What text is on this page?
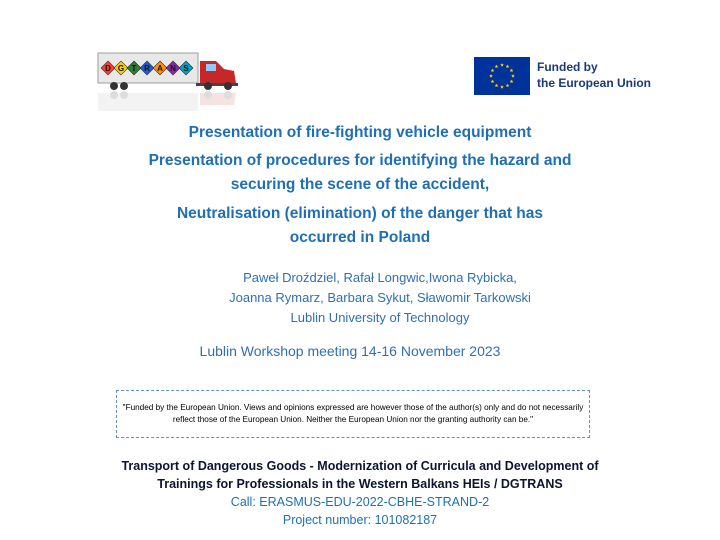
D G T R A N S	Funded by
the European Union
Presentation of fire-fighting vehicle equipment
Presentation of procedures for identifying the hazard and
securing the scene of the accident,
Neutralisation (elimination) of the danger that has
occurred in Poland
Paweł Droździel, Rafał Longwic,Iwona Rybicka,
Joanna Rymarz, Barbara Sykut, Sławomir Tarkowski
Lublin University of Technology
Lublin Workshop meeting 14-16 November 2023
"Funded by the European Union. Views and opinions expressed are however those of the author(s) only and do not necessarily reflect those of the European Union. Neither the European Union nor the granting authority can be."
Transport of Dangerous Goods - Modernization of Curricula and Development of
Trainings for Professionals in the Western Balkans HEIs / DGTRANS
Call: ERASMUS-EDU-2022-CBHE-STRAND-2
Project number: 101082187
